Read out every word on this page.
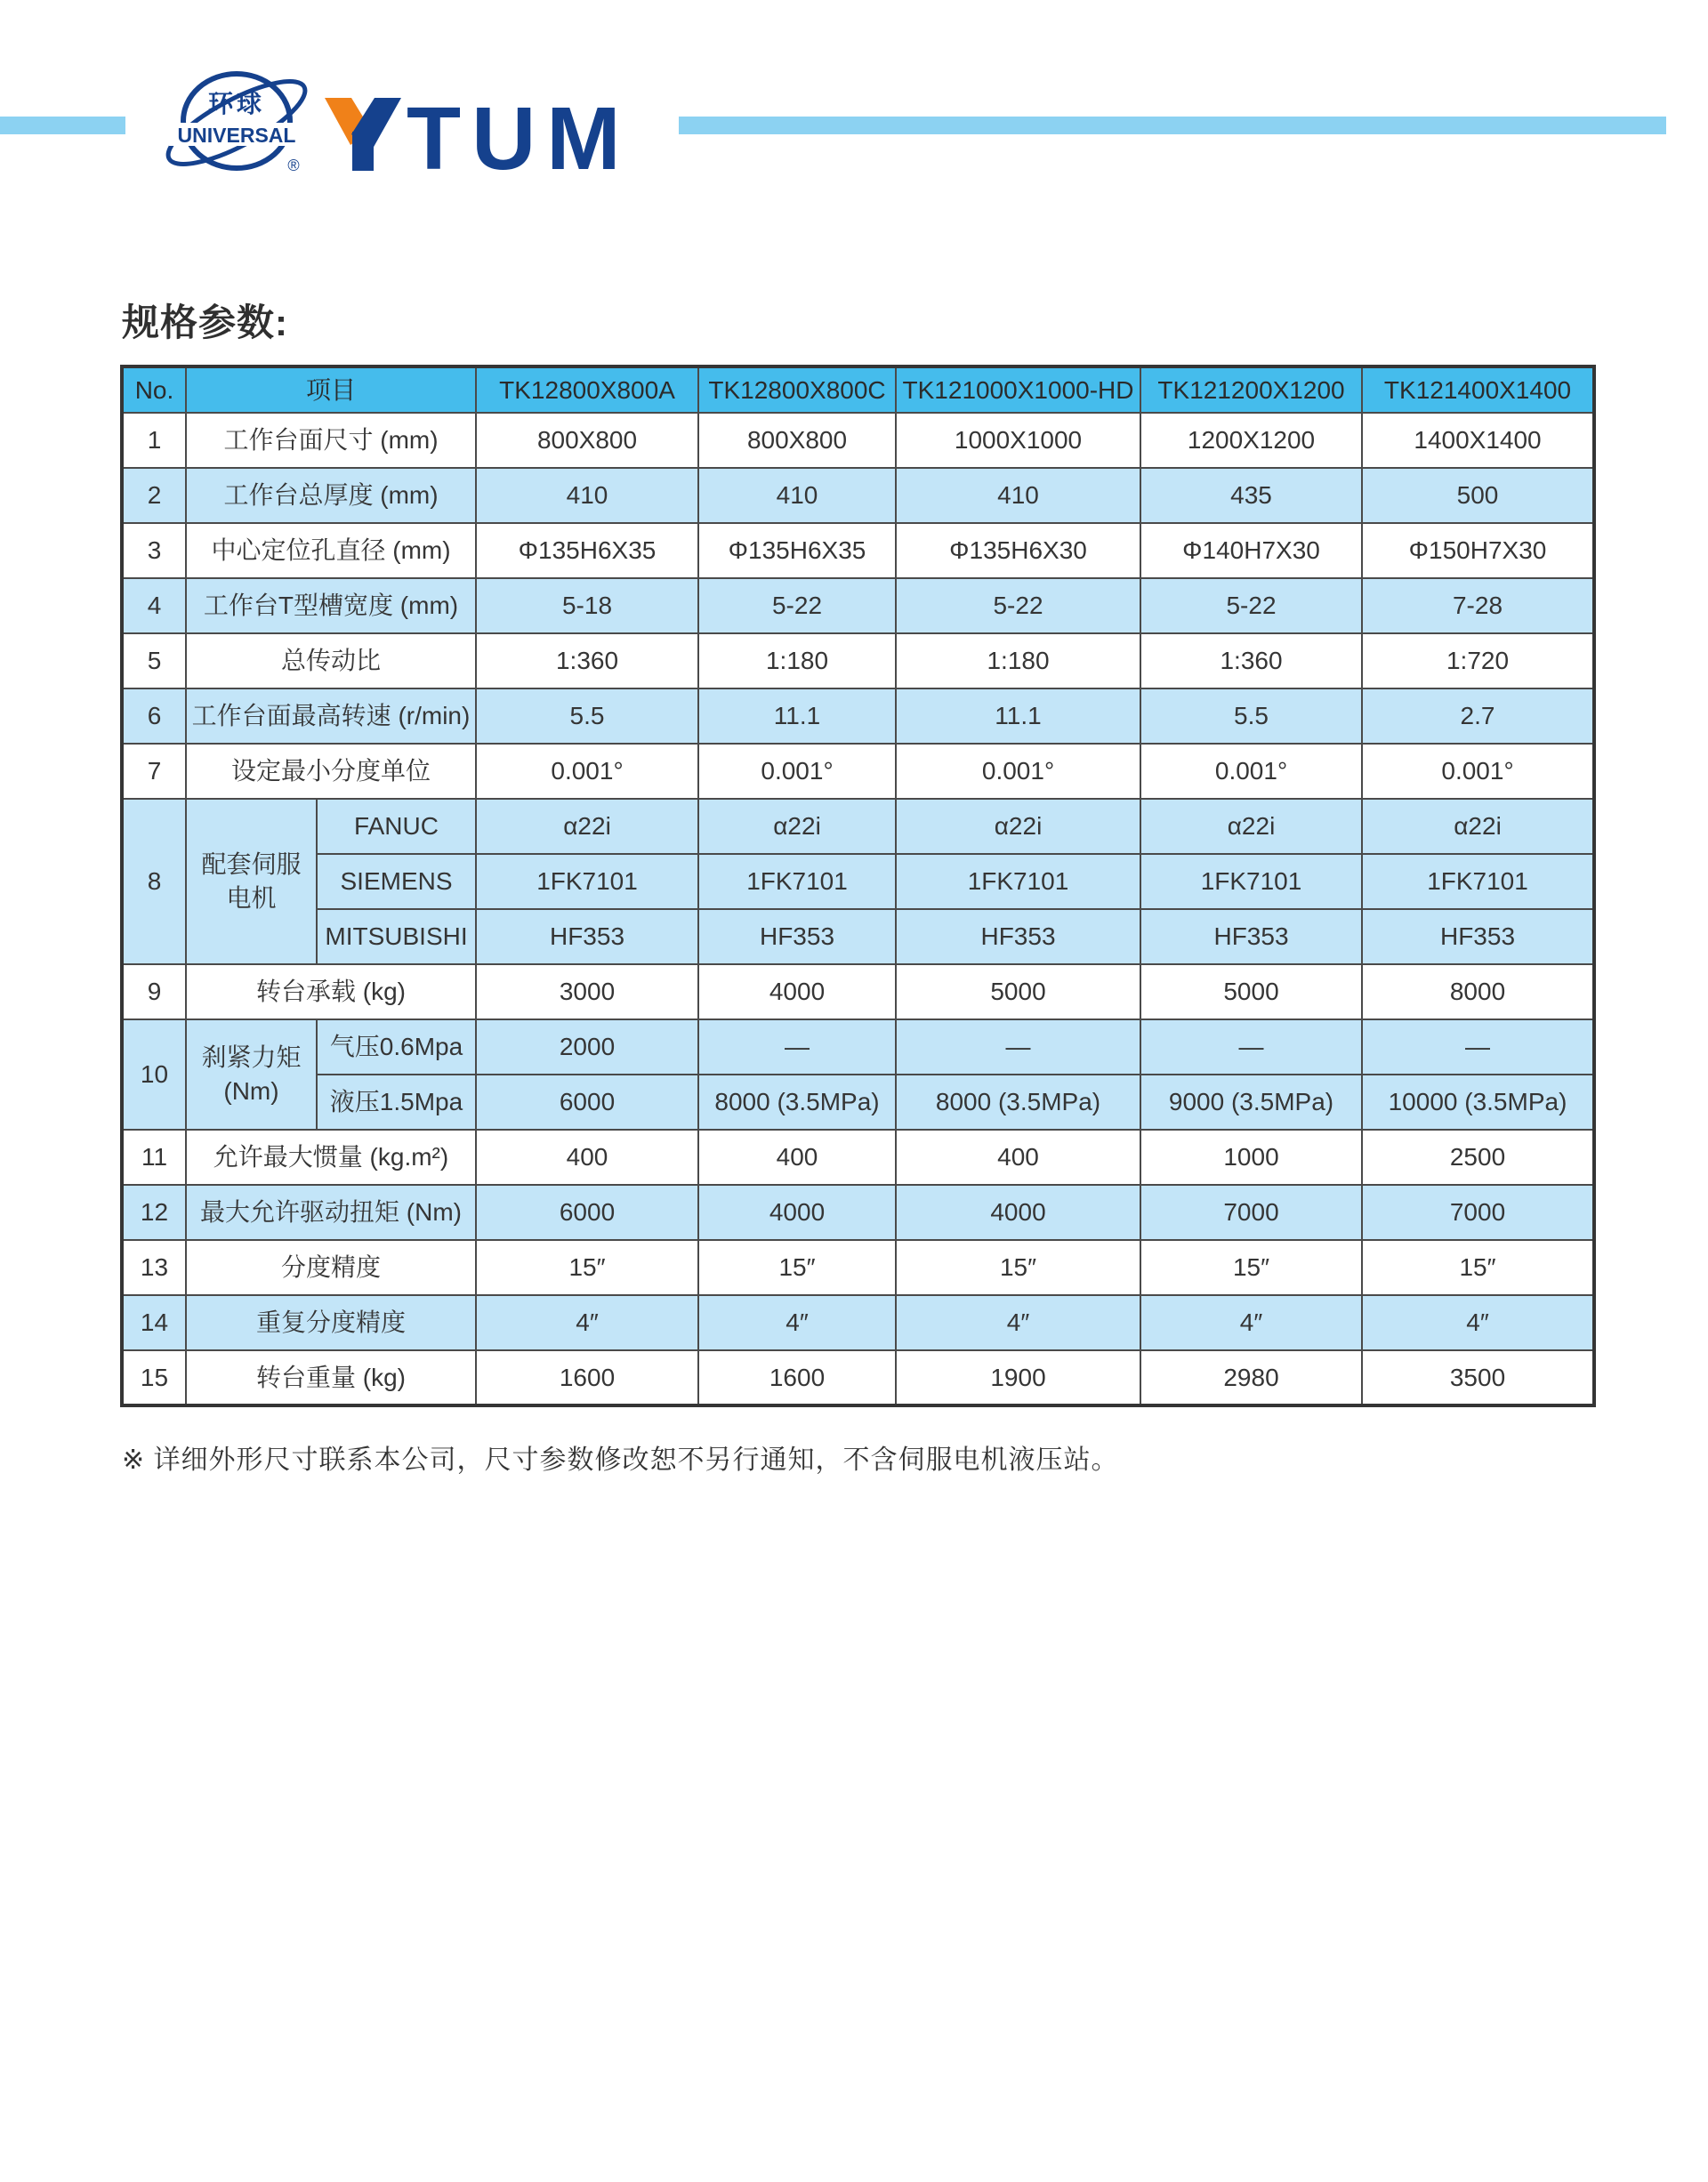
环球
UNIVERSAL
® TUM
规格参数:
No.	项目		TK12800X800A	TK12800X800C	TK121000X1000-HD	TK121200X1200	TK121400X1400
1	工作台面尺寸 (mm)		800X800	800X800	1000X1000	1200X1200	1400X1400
2	工作台总厚度 (mm)		410	410	410	435	500
3	中心定位孔直径 (mm)		Φ135H6X35	Φ135H6X35	Φ135H6X30	Φ140H7X30	Φ150H7X30
4	工作台T型槽宽度 (mm)		5-18	5-22	5-22	5-22	7-28
5	总传动比		1:360	1:180	1:180	1:360	1:720
6	工作台面最高转速 (r/min)		5.5	11.1	11.1	5.5	2.7
7	设定最小分度单位		0.001°	0.001°	0.001°	0.001°	0.001°
8	配套伺服电机	FANUC	α22i	α22i	α22i	α22i	α22i
		SIEMENS	1FK7101	1FK7101	1FK7101	1FK7101	1FK7101
		MITSUBISHI	HF353	HF353	HF353	HF353	HF353
9	转台承载 (kg)		3000	4000	5000	5000	8000
10	刹紧力矩 (Nm)	气压0.6Mpa	2000	—	—	—	—
		液压1.5Mpa	6000	8000 (3.5MPa)	8000 (3.5MPa)	9000 (3.5MPa)	10000 (3.5MPa)
11	允许最大惯量 (kg.m²)		400	400	400	1000	2500
12	最大允许驱动扭矩 (Nm)		6000	4000	4000	7000	7000
13	分度精度		15″	15″	15″	15″	15″
14	重复分度精度		4″	4″	4″	4″	4″
15	转台重量 (kg)		1600	1600	1900	2980	3500

※ 详细外形尺寸联系本公司，尺寸参数修改恕不另行通知，不含伺服电机液压站。
